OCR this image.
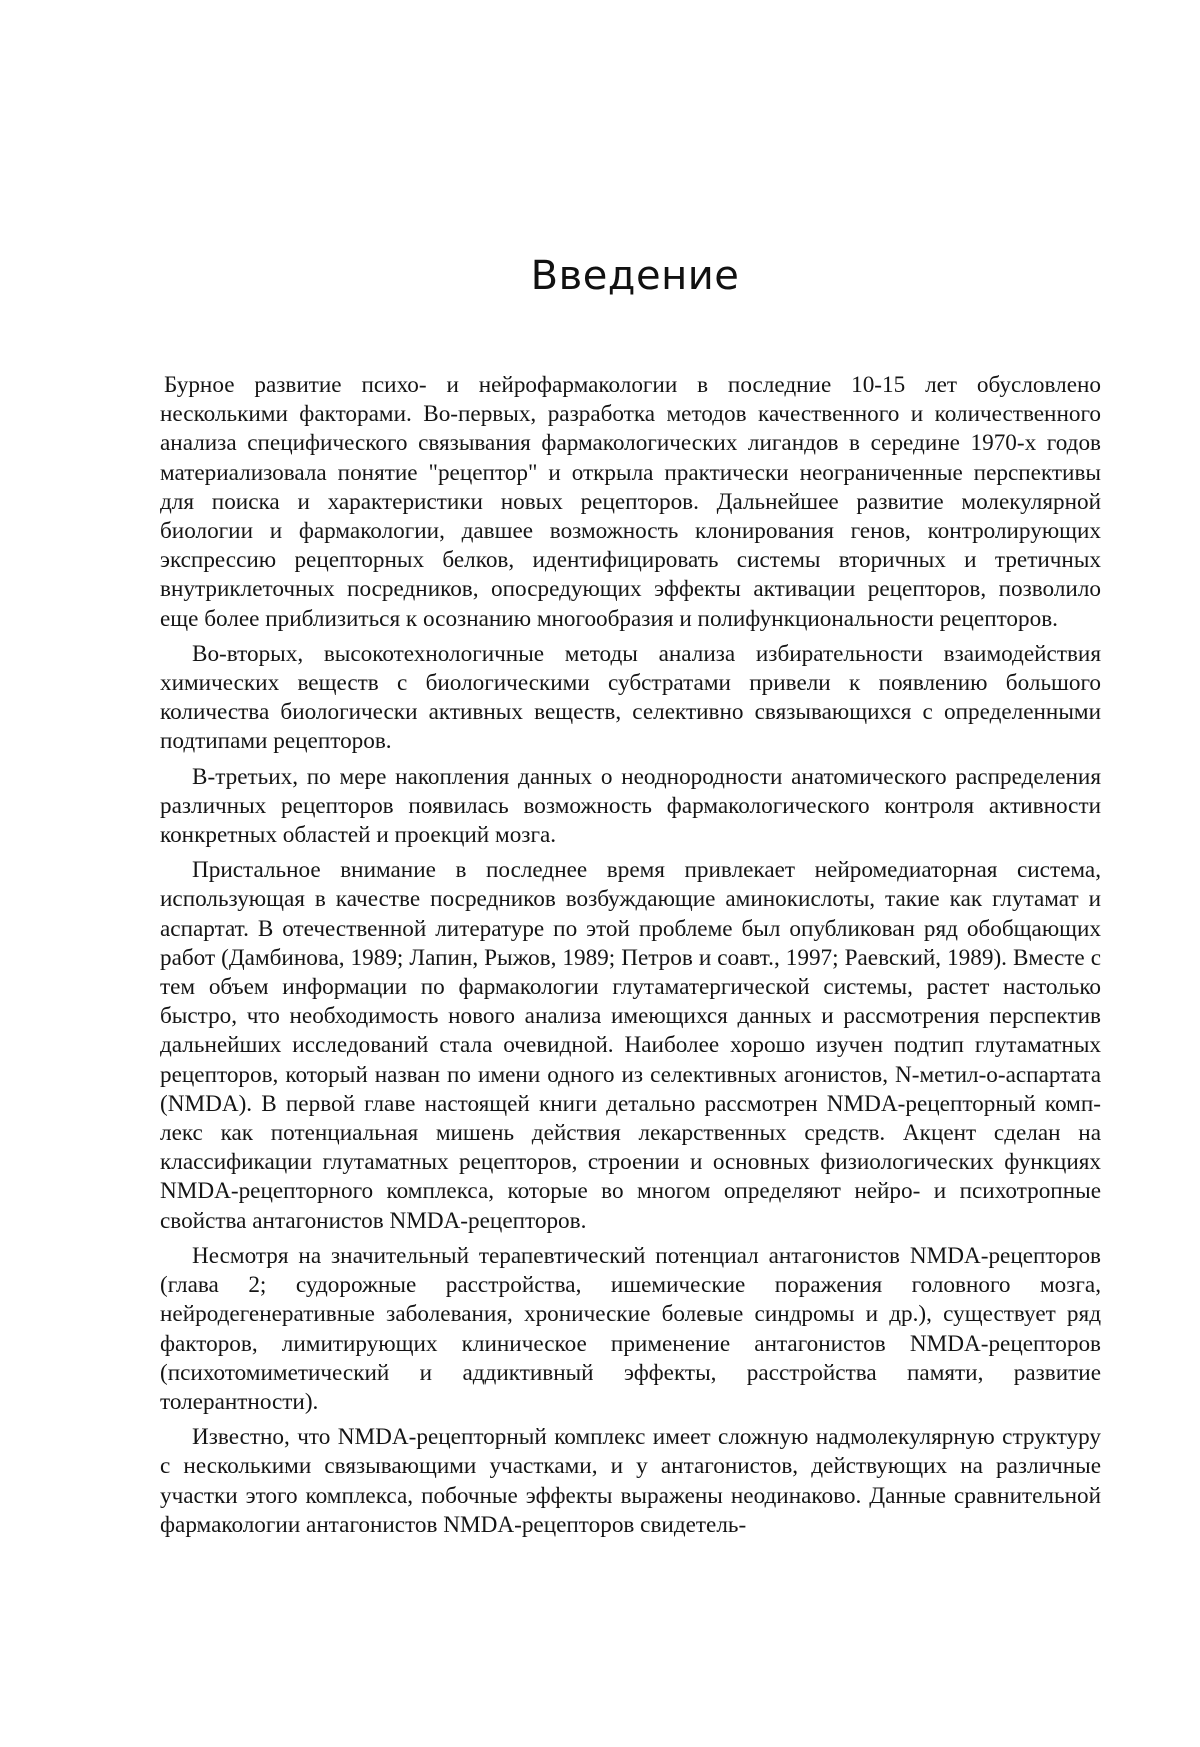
Введение

Бурное развитие психо- и нейрофармакологии в последние 10-15 лет обусловлено несколькими факторами. Во-первых, разработка методов качественного и количественного анализа специфического связывания фармакологических лигандов в середине 1970-х годов материализовала понятие "рецептор" и открыла практически неограниченные перспективы для поиска и характеристики новых рецепторов. Дальнейшее развитие молекулярной биологии и фармакологии, давшее возможность клонирования генов, контролирующих экспрессию рецепторных белков, идентифицировать системы вторичных и третичных внутриклеточных посредников, опосредующих эффекты активации рецепторов, позволило еще более приблизиться к осознанию многообразия и полифункциональности рецепторов.

Во-вторых, высокотехнологичные методы анализа избирательности взаимодействия химических веществ с биологическими субстратами привели к появлению большого количества биологически активных веществ, селективно связывающихся с определенными подтипами рецепторов.

В-третьих, по мере накопления данных о неоднородности анатомического распределения различных рецепторов появилась возможность фармакологического контроля активности конкретных областей и проекций мозга.

Пристальное внимание в последнее время привлекает нейромедиаторная система, использующая в качестве посредников возбуждающие аминокислоты, такие как глутамат и аспартат. В отечественной литературе по этой проблеме был опубликован ряд обобщающих работ (Дамбинова, 1989; Лапин, Рыжов, 1989; Петров и соавт., 1997; Раевский, 1989). Вместе с тем объем информации по фармакологии глутаматергической системы, растет настолько быстро, что необходимость нового анализа имеющихся данных и рассмотрения перспектив дальнейших исследований стала очевидной. Наиболее хорошо изучен подтип глутаматных рецепторов, который назван по имени одного из селективных агонистов, N-метил-о-аспартата (NMDA). В первой главе настоящей книги детально рассмотрен NMDA-рецепторный комплекс как потенциальная мишень действия лекарственных средств. Акцент сделан на классификации глутаматных рецепторов, строении и основных физиологических функциях NMDA-рецепторного комплекса, которые во многом определяют нейро- и психотропные свойства антагонистов NMDA-рецепторов.

Несмотря на значительный терапевтический потенциал антагонистов NMDA-рецепторов (глава 2; судорожные расстройства, ишемические поражения головного мозга, нейродегенеративные заболевания, хронические болевые синдромы и др.), существует ряд факторов, лимитирующих клиническое применение антагонистов NMDA-рецепторов (психотомиметический и аддиктивный эффекты, расстройства памяти, развитие толерантности).

Известно, что NMDA-рецепторный комплекс имеет сложную надмолекулярную структуру с несколькими связывающими участками, и у антагонистов, действующих на различные участки этого комплекса, побочные эффекты выражены неодинаково. Данные сравнительной фармакологии антагонистов NMDA-рецепторов свидетель-
